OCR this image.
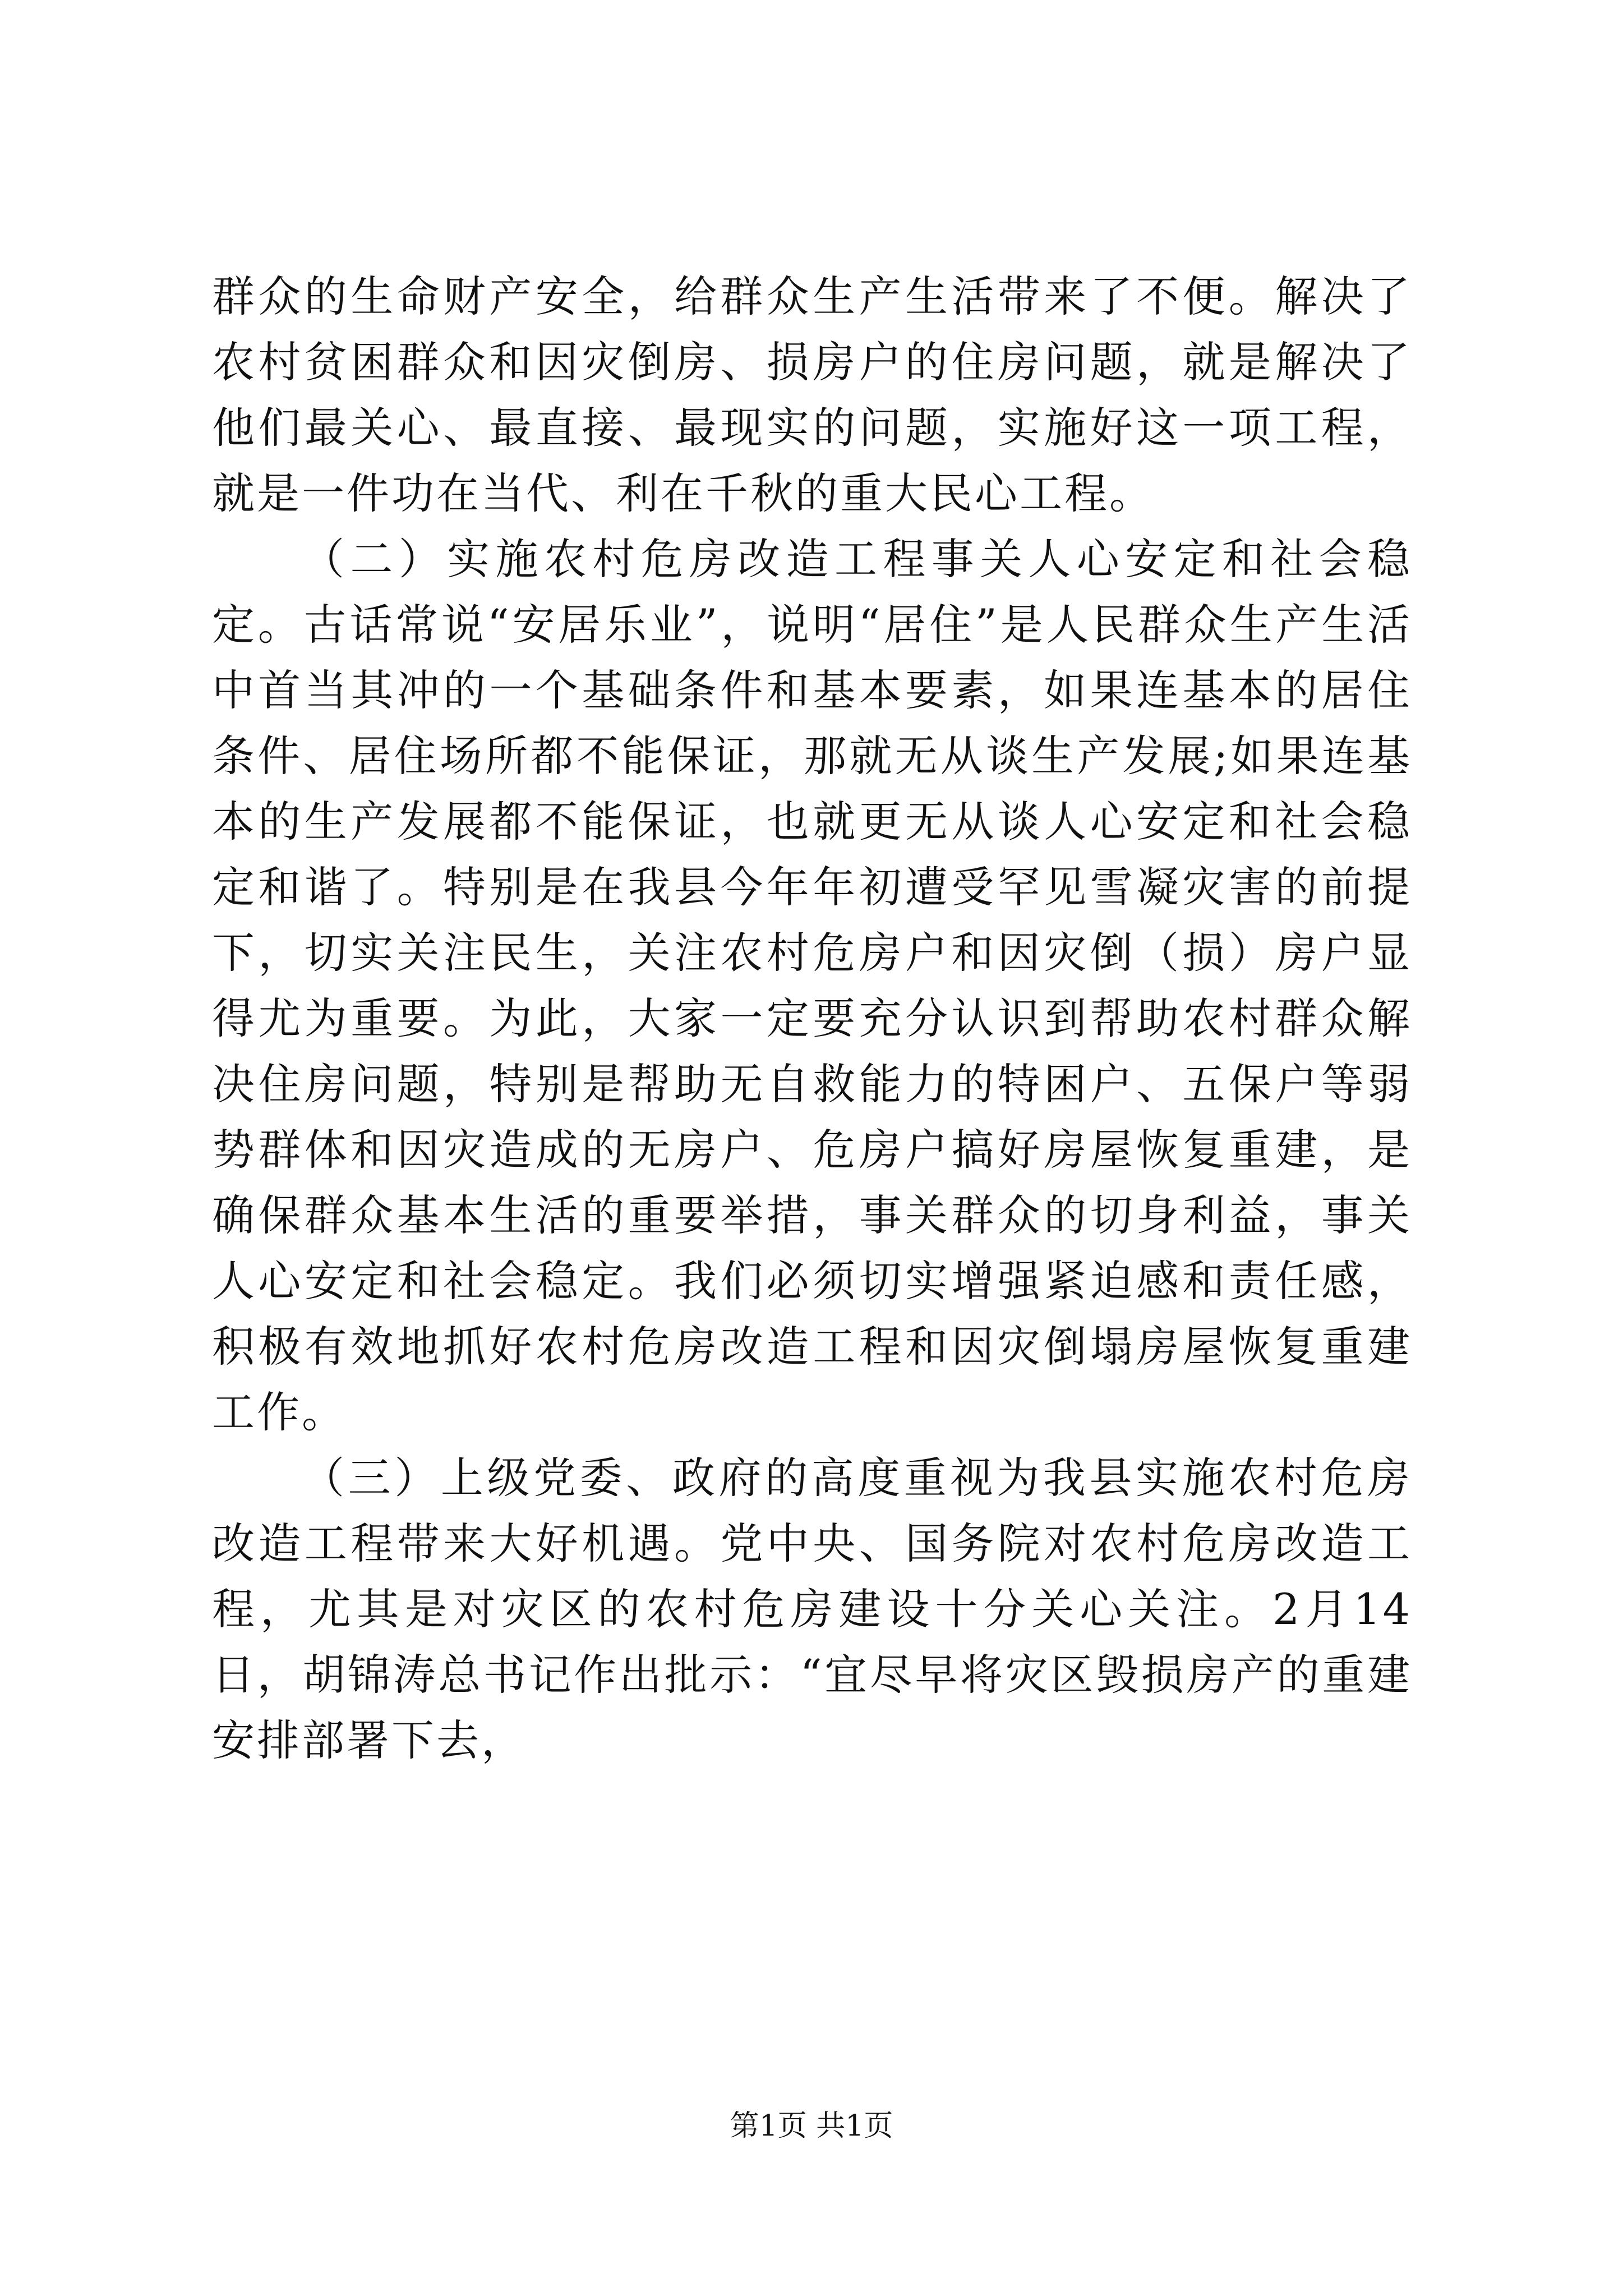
群众的生命财产安全，给群众生产生活带来了不便。解决了农村贫困群众和因灾倒房、损房户的住房问题，就是解决了他们最关心、最直接、最现实的问题，实施好这一项工程，就是一件功在当代、利在千秋的重大民心工程。

（二）实施农村危房改造工程事关人心安定和社会稳定。古话常说“安居乐业”，说明“居住”是人民群众生产生活中首当其冲的一个基础条件和基本要素，如果连基本的居住条件、居住场所都不能保证，那就无从谈生产发展;如果连基本的生产发展都不能保证，也就更无从谈人心安定和社会稳定和谐了。特别是在我县今年年初遭受罕见雪凝灾害的前提下，切实关注民生，关注农村危房户和因灾倒（损）房户显得尤为重要。为此，大家一定要充分认识到帮助农村群众解决住房问题，特别是帮助无自救能力的特困户、五保户等弱势群体和因灾造成的无房户、危房户搞好房屋恢复重建，是确保群众基本生活的重要举措，事关群众的切身利益，事关人心安定和社会稳定。我们必须切实增强紧迫感和责任感，积极有效地抓好农村危房改造工程和因灾倒塌房屋恢复重建工作。

（三）上级党委、政府的高度重视为我县实施农村危房改造工程带来大好机遇。党中央、国务院对农村危房改造工程，尤其是对灾区的农村危房建设十分关心关注。2月14日，胡锦涛总书记作出批示：“宜尽早将灾区毁损房产的重建安排部署下去，

第1页 共1页
